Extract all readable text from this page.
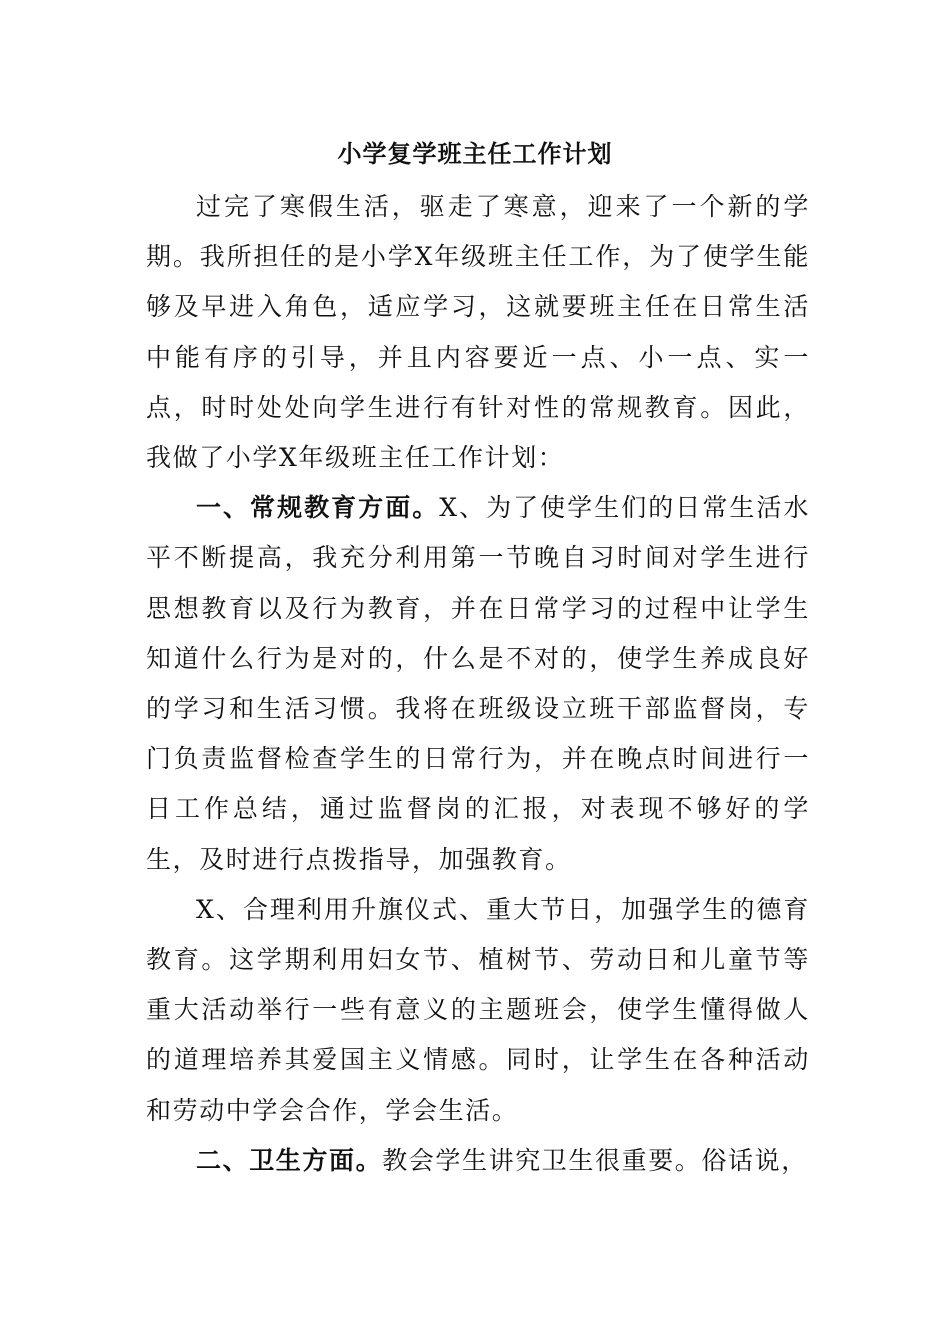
小学复学班主任工作计划

过完了寒假生活，驱走了寒意，迎来了一个新的学期。我所担任的是小学X年级班主任工作，为了使学生能够及早进入角色，适应学习，这就要班主任在日常生活中能有序的引导，并且内容要近一点、小一点、实一点，时时处处向学生进行有针对性的常规教育。因此，我做了小学X年级班主任工作计划：

一、常规教育方面。X、为了使学生们的日常生活水平不断提高，我充分利用第一节晚自习时间对学生进行思想教育以及行为教育，并在日常学习的过程中让学生知道什么行为是对的，什么是不对的，使学生养成良好的学习和生活习惯。我将在班级设立班干部监督岗，专门负责监督检查学生的日常行为，并在晚点时间进行一日工作总结，通过监督岗的汇报，对表现不够好的学生，及时进行点拨指导，加强教育。

X、合理利用升旗仪式、重大节日，加强学生的德育教育。这学期利用妇女节、植树节、劳动日和儿童节等重大活动举行一些有意义的主题班会，使学生懂得做人的道理培养其爱国主义情感。同时，让学生在各种活动和劳动中学会合作，学会生活。

二、卫生方面。教会学生讲究卫生很重要。俗话说，
